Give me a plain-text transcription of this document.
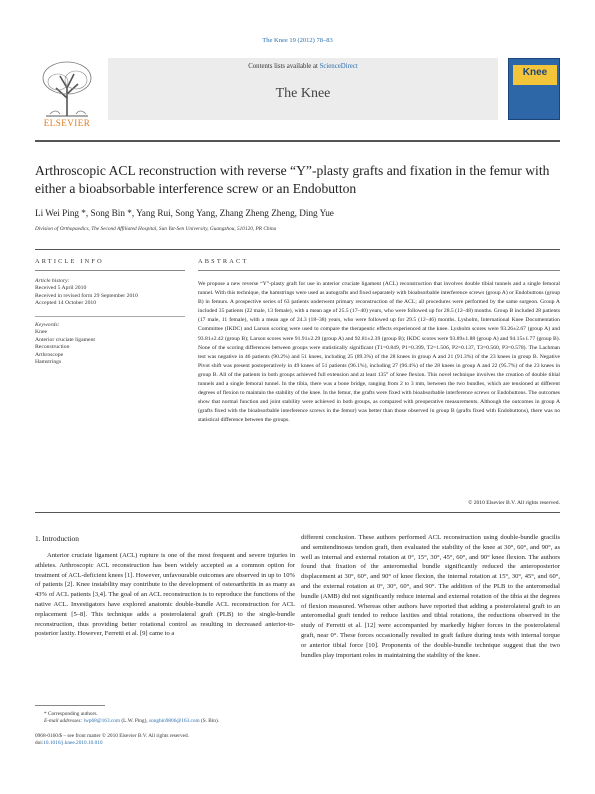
The Knee 19 (2012) 78–83
ELSEVIER
Contents lists available at ScienceDirect
The Knee
Knee
Arthroscopic ACL reconstruction with reverse “Y”-plasty grafts and fixation in the femur with either a bioabsorbable interference screw or an Endobutton
Li Wei Ping *, Song Bin *, Yang Rui, Song Yang, Zhang Zheng Zheng, Ding Yue
Division of Orthopaedics, The Second Affiliated Hospital, Sun Yat-Sen University, Guangzhou, 510120, PR China
ARTICLE INFO
Article history:
Received 5 April 2010
Received in revised form 29 September 2010
Accepted 14 October 2010
Keywords:
Knee
Anterior cruciate ligament
Reconstruction
Arthroscope
Hamstrings
ABSTRACT
We propose a new reverse “Y”-plasty graft for use in anterior cruciate ligament (ACL) reconstruction that involves double tibial tunnels and a single femoral tunnel. With this technique, the hamstrings were used as autografts and fixed separately with bioabsorbable interference screws (group A) or Endobuttons (group B) in femurs. A prospective series of 63 patients underwent primary reconstruction of the ACL; all procedures were performed by the same surgeon. Group A included 35 patients (22 male, 13 female), with a mean age of 25.5 (17–40) years, who were followed up for 28.5 (12–48) months. Group B included 28 patients (17 male, 11 female), with a mean age of 24.3 (18–38) years, who were followed up for 29.5 (12–46) months. Lysholm, International Knee Documentation Committee (IKDC) and Larson scoring were used to compare the therapeutic effects experienced at the knee. Lysholm scores were 93.26±2.67 (group A) and 93.81±2.42 (group B); Larson scores were 91.91±2.29 (group A) and 92.81±2.39 (group B); IKDC scores were 93.89±1.88 (group A) and 94.15±1.77 (group B). None of the scoring differences between groups were statistically significant (T1=0.849, P1=0.399, T2=1.506, P2=0.137, T3=0.560, P3=0.578). The Lachman test was negative in 46 patients (90.2%) and 51 knees, including 25 (89.3%) of the 28 knees in group A and 21 (91.3%) of the 23 knees in group B. Negative Pivot shift was present postoperatively in 49 knees of 51 patients (96.1%), including 27 (96.4%) of the 28 knees in group A and 22 (95.7%) of the 23 knees in group B. All of the patients in both groups achieved full extension and at least 135° of knee flexion. This novel technique involves the creation of double tibial tunnels and a single femoral tunnel. In the tibia, there was a bone bridge, ranging from 2 to 3 mm, between the two bundles, which are tensioned at different degrees of flexion to maintain the stability of the knee. In the femur, the grafts were fixed with bioabsorbable interference screws or Endobuttons. The outcomes show that normal function and joint stability were achieved in both groups, as compared with preoperative measurements. Although the outcomes in group A (grafts fixed with the bioabsorbable interference screws in the femur) was better than those observed in group B (grafts fixed with Endobuttons), there was no statistical difference between the groups.
© 2010 Elsevier B.V. All rights reserved.
1. Introduction
Anterior cruciate ligament (ACL) rupture is one of the most frequent and severe injuries in athletes. Arthroscopic ACL reconstruction has been widely accepted as a common option for treatment of ACL-deficient knees [1]. However, unfavourable outcomes are observed in up to 10% of patients [2]. Knee instability may contribute to the development of osteoarthritis in as many as 43% of ACL patients [3,4]. The goal of an ACL reconstruction is to reproduce the functions of the native ACL. Investigators have explored anatomic double-bundle ACL reconstruction for ACL replacement [5–8]. This technique adds a posterolateral graft (PLB) to the single-bundle reconstruction, thus providing better rotational control as resulting in decreased anterior-to-posterior laxity. However, Ferretti et al. [9] came to a
different conclusion. These authors performed ACL reconstruction using double-bundle gracilis and semitendinosus tendon graft, then evaluated the stability of the knee at 30°, 60°, and 90°, as well as internal and external rotation at 0°, 15°, 30°, 45°, 60°, and 90° knee flexion. The authors found that fixation of the anteromedial bundle significantly reduced the anteroposterior displacement at 30°, 60°, and 90° of knee flexion, the internal rotation at 15°, 30°, 45°, and 60°, and the external rotation at 0°, 30°, 60°, and 90°. The addition of the PLB to the anteromedial bundle (AMB) did not significantly reduce internal and external rotation of the tibia at the degrees of flexion measured. Whereas other authors have reported that adding a posterolateral graft to an anteromedial graft tended to reduce laxities and tibial rotations, the reductions observed in the study of Ferretti et al. [12] were accompanied by markedly higher forces in the posterolateral graft, near 0°. These forces occasionally resulted in graft failure during tests with internal torque or anterior tibial force [10]. Proponents of the double-bundle technique suggest that the two bundles play important roles in maintaining the stability of the knee.
* Corresponding authors.
E-mail addresses: lwp68@163.com (L.W. Ping), songbin9806@163.com (S. Bin).
0968-0160/$ – see front matter © 2010 Elsevier B.V. All rights reserved.
doi:10.1016/j.knee.2010.10.010
